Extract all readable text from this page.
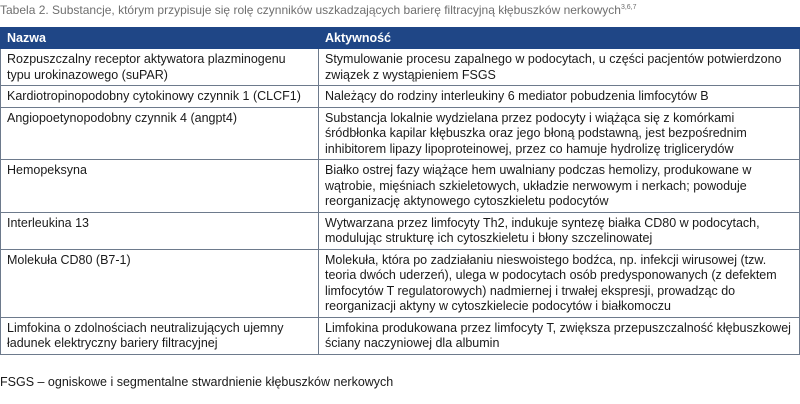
Tabela 2. Substancje, którym przypisuje się rolę czynników uszkadzających barierę filtracyjną kłębuszków nerkowych$^{3,6,7}$
Nazwa	Aktywność
Rozpuszczalny receptor aktywatora plazminogenu typu urokinazowego (suPAR)	Stymulowanie procesu zapalnego w podocytach, u części pacjentów potwierdzono związek z wystąpieniem FSGS
Kardiotropinopodobny cytokinowy czynnik 1 (CLCF1)	Należący do rodziny interleukiny 6 mediator pobudzenia limfocytów B
Angiopoetynopodobny czynnik 4 (angpt4)	Substancja lokalnie wydzielana przez podocyty i wiążąca się z komórkami śródbłonka kapilar kłębuszka oraz jego błoną podstawną, jest bezpośrednim inhibitorem lipazy lipoproteinowej, przez co hamuje hydrolizę triglicerydów
Hemopeksyna	Białko ostrej fazy wiążące hem uwalniany podczas hemolizy, produkowane w wątrobie, mięśniach szkieletowych, układzie nerwowym i nerkach; powoduje reorganizację aktynowego cytoszkieletu podocytów
Interleukina 13	Wytwarzana przez limfocyty Th2, indukuje syntezę białka CD80 w podocytach, modulując strukturę ich cytoszkieletu i błony szczelinowatej
Molekuła CD80 (B7-1)	Molekuła, która po zadziałaniu nieswoistego bodźca, np. infekcji wirusowej (tzw. teoria dwóch uderzeń), ulega w podocytach osób predysponowanych (z defektem limfocytów T regulatorowych) nadmiernej i trwałej ekspresji, prowadząc do reorganizacji aktyny w cytoszkielecie podocytów i białkomoczu
Limfokina o zdolnościach neutralizujących ujemny ładunek elektryczny bariery filtracyjnej	Limfokina produkowana przez limfocyty T, zwiększa przepuszczalność kłębuszkowej ściany naczyniowej dla albumin
FSGS – ogniskowe i segmentalne stwardnienie kłębuszków nerkowych
